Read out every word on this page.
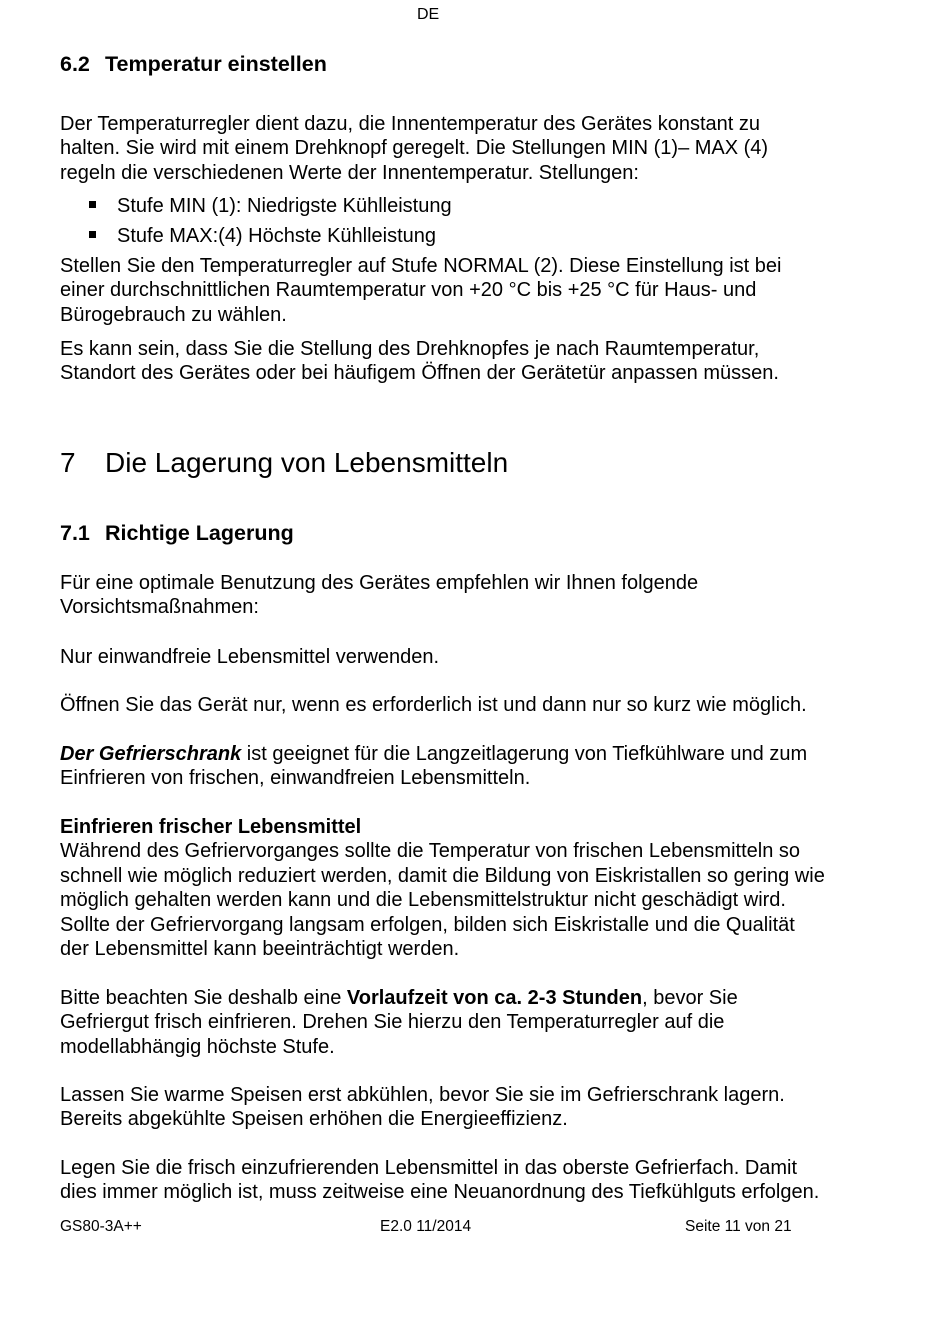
DE
6.2 Temperatur einstellen
Der Temperaturregler dient dazu, die Innentemperatur des Gerätes konstant zu
halten. Sie wird mit einem Drehknopf geregelt. Die Stellungen MIN (1)– MAX (4)
regeln die verschiedenen Werte der Innentemperatur. Stellungen:
Stufe MIN (1): Niedrigste Kühlleistung
Stufe MAX:(4) Höchste Kühlleistung
Stellen Sie den Temperaturregler auf Stufe NORMAL (2). Diese Einstellung ist bei
einer durchschnittlichen Raumtemperatur von +20 °C bis +25 °C für Haus- und
Bürogebrauch zu wählen.
Es kann sein, dass Sie die Stellung des Drehknopfes je nach Raumtemperatur,
Standort des Gerätes oder bei häufigem Öffnen der Gerätetür anpassen müssen.
7 Die Lagerung von Lebensmitteln
7.1 Richtige Lagerung
Für eine optimale Benutzung des Gerätes empfehlen wir Ihnen folgende
Vorsichtsmaßnahmen:
Nur einwandfreie Lebensmittel verwenden.
Öffnen Sie das Gerät nur, wenn es erforderlich ist und dann nur so kurz wie möglich.
Der Gefrierschrank ist geeignet für die Langzeitlagerung von Tiefkühlware und zum
Einfrieren von frischen, einwandfreien Lebensmitteln.
Einfrieren frischer Lebensmittel
Während des Gefriervorganges sollte die Temperatur von frischen Lebensmitteln so
schnell wie möglich reduziert werden, damit die Bildung von Eiskristallen so gering wie
möglich gehalten werden kann und die Lebensmittelstruktur nicht geschädigt wird.
Sollte der Gefriervorgang langsam erfolgen, bilden sich Eiskristalle und die Qualität
der Lebensmittel kann beeinträchtigt werden.
Bitte beachten Sie deshalb eine Vorlaufzeit von ca. 2-3 Stunden, bevor Sie
Gefriergut frisch einfrieren. Drehen Sie hierzu den Temperaturregler auf die
modellabhängig höchste Stufe.
Lassen Sie warme Speisen erst abkühlen, bevor Sie sie im Gefrierschrank lagern.
Bereits abgekühlte Speisen erhöhen die Energieeffizienz.
Legen Sie die frisch einzufrierenden Lebensmittel in das oberste Gefrierfach. Damit
dies immer möglich ist, muss zeitweise eine Neuanordnung des Tiefkühlguts erfolgen.
GS80-3A++	E2.0 11/2014	Seite 11 von 21
